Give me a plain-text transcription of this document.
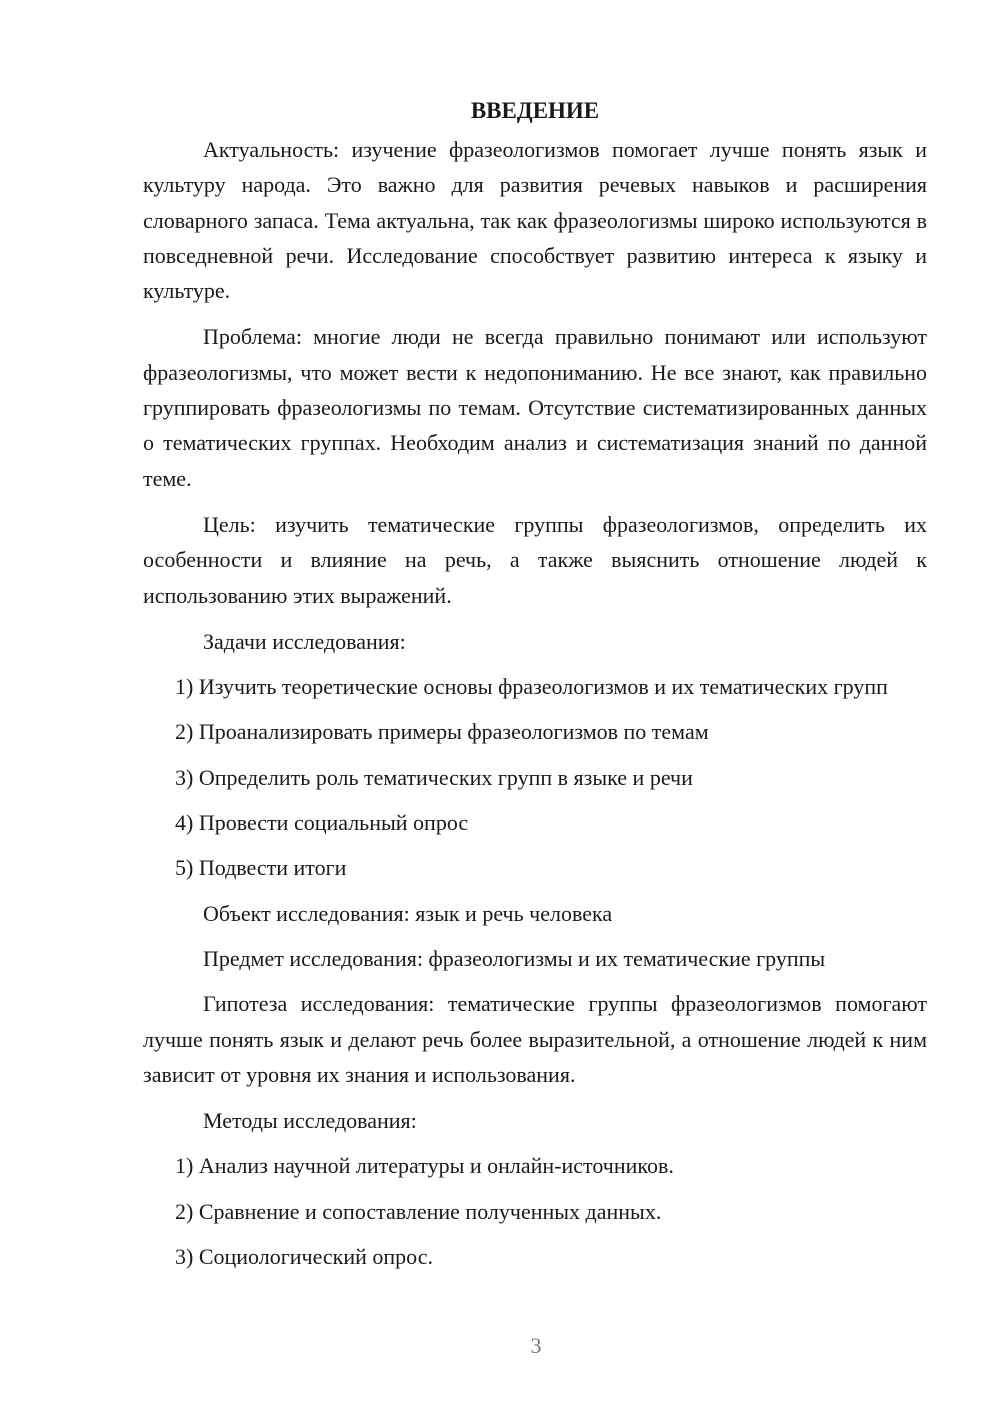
ВВЕДЕНИЕ

Актуальность: изучение фразеологизмов помогает лучше понять язык и культуру народа. Это важно для развития речевых навыков и расширения словарного запаса. Тема актуальна, так как фразеологизмы широко используются в повседневной речи. Исследование способствует развитию интереса к языку и культуре.

Проблема: многие люди не всегда правильно понимают или используют фразеологизмы, что может вести к недопониманию. Не все знают, как правильно группировать фразеологизмы по темам. Отсутствие систематизированных данных о тематических группах. Необходим анализ и систематизация знаний по данной теме.

Цель: изучить тематические группы фразеологизмов, определить их особенности и влияние на речь, а также выяснить отношение людей к использованию этих выражений.

Задачи исследования:
1) Изучить теоретические основы фразеологизмов и их тематических групп
2) Проанализировать примеры фразеологизмов по темам
3) Определить роль тематических групп в языке и речи
4) Провести социальный опрос
5) Подвести итоги
Объект исследования: язык и речь человека
Предмет исследования: фразеологизмы и их тематические группы

Гипотеза исследования: тематические группы фразеологизмов помогают лучше понять язык и делают речь более выразительной, а отношение людей к ним зависит от уровня их знания и использования.

Методы исследования:
1) Анализ научной литературы и онлайн-источников.
2) Сравнение и сопоставление полученных данных.
3) Социологический опрос.
3
